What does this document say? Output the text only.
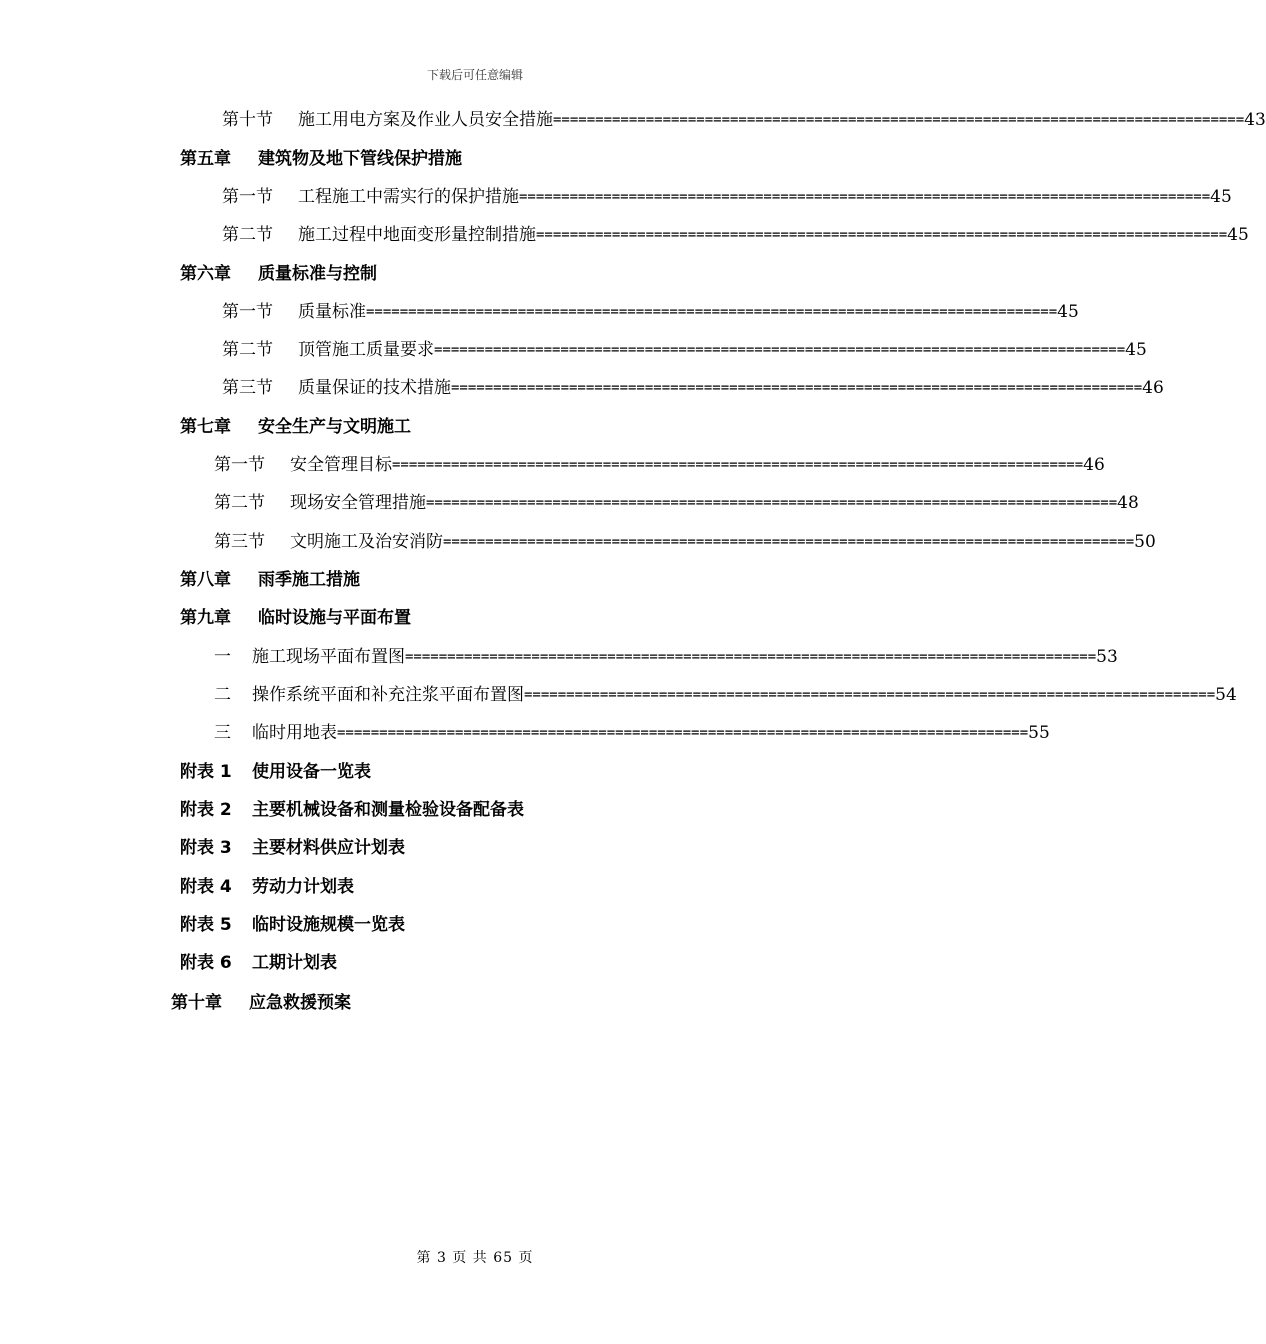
下载后可任意编辑
第十节	施工用电方案及作业人员安全措施 ================================================================================== 43
第五章 建筑物及地下管线保护措施
第一节	工程施工中需实行的保护措施 ================================================================================== 45
第二节	施工过程中地面变形量控制措施 ================================================================================== 45
第六章 质量标准与控制
第一节	质量标准 ================================================================================== 45
第二节	顶管施工质量要求 ================================================================================== 45
第三节	质量保证的技术措施 ================================================================================== 46
第七章 安全生产与文明施工
第一节	安全管理目标 ================================================================================== 46
第二节	现场安全管理措施 ================================================================================== 48
第三节	文明施工及治安消防 ================================================================================== 50
第八章 雨季施工措施
第九章 临时设施与平面布置
一	施工现场平面布置图 ================================================================================== 53
二	操作系统平面和补充注浆平面布置图 ================================================================================== 54
三	临时用地表 ================================================================================== 55
附表 1 使用设备一览表
附表 2 主要机械设备和测量检验设备配备表
附表 3 主要材料供应计划表
附表 4 劳动力计划表
附表 5 临时设施规模一览表
附表 6 工期计划表
第十章 应急救援预案
第 3 页 共 65 页
